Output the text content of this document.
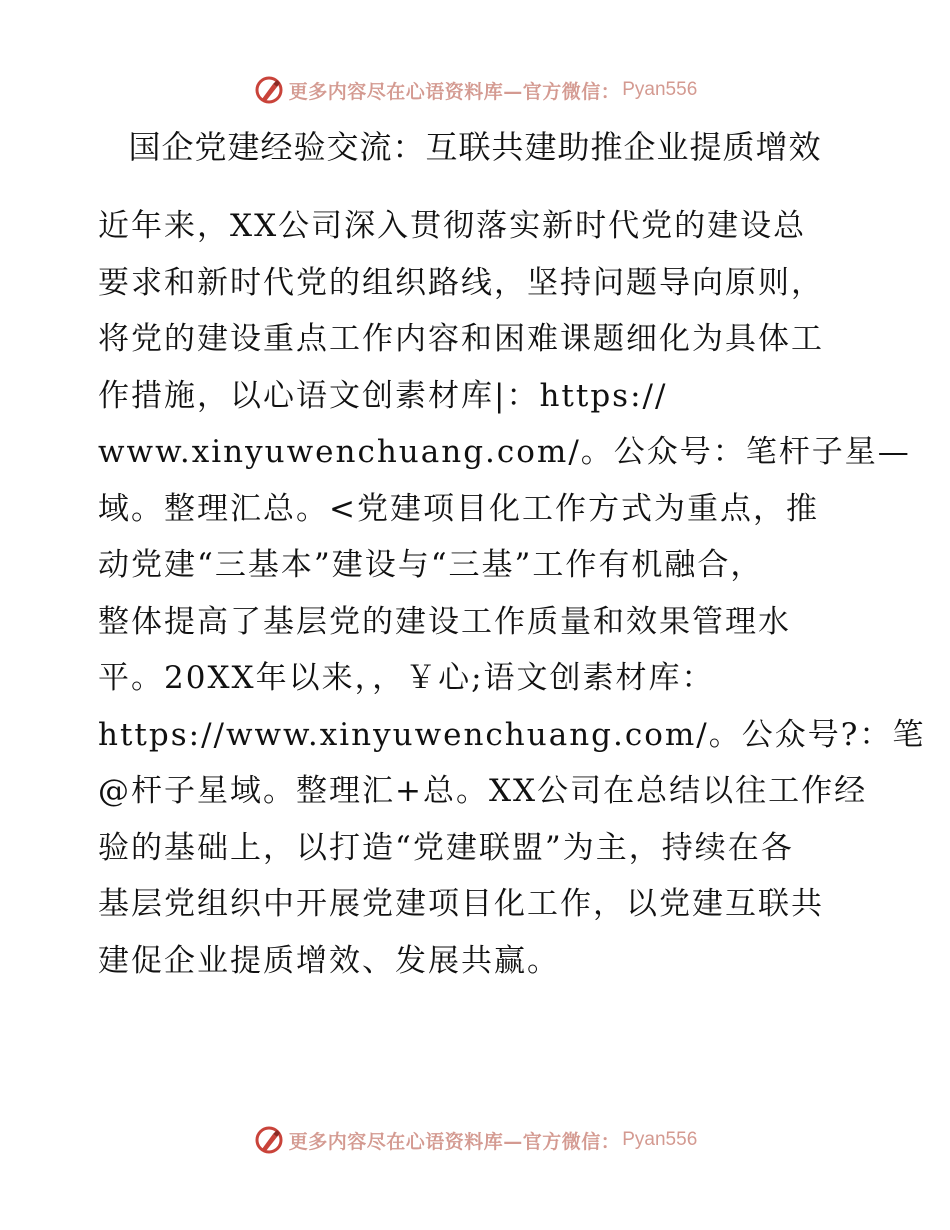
更多内容尽在心语资料库—官方微信： Pyan556
国企党建经验交流：互联共建助推企业提质增效
近年来，XX公司深入贯彻落实新时代党的建设总
要求和新时代党的组织路线，坚持问题导向原则，
将党的建设重点工作内容和困难课题细化为具体工
作措施，以心语文创素材库|：https://
www.xinyuwenchuang.com/。公众号：笔杆子星—
域。整理汇总。<党建项目化工作方式为重点，推
动党建“三基本”建设与“三基”工作有机融合，
整体提高了基层党的建设工作质量和效果管理水
平。20XX年以来，，￥心;语文创素材库：
https://www.xinyuwenchuang.com/。公众号?：笔
@杆子星域。整理汇+总。XX公司在总结以往工作经
验的基础上，以打造“党建联盟”为主，持续在各
基层党组织中开展党建项目化工作，以党建互联共
建促企业提质增效、发展共赢。
更多内容尽在心语资料库—官方微信： Pyan556
